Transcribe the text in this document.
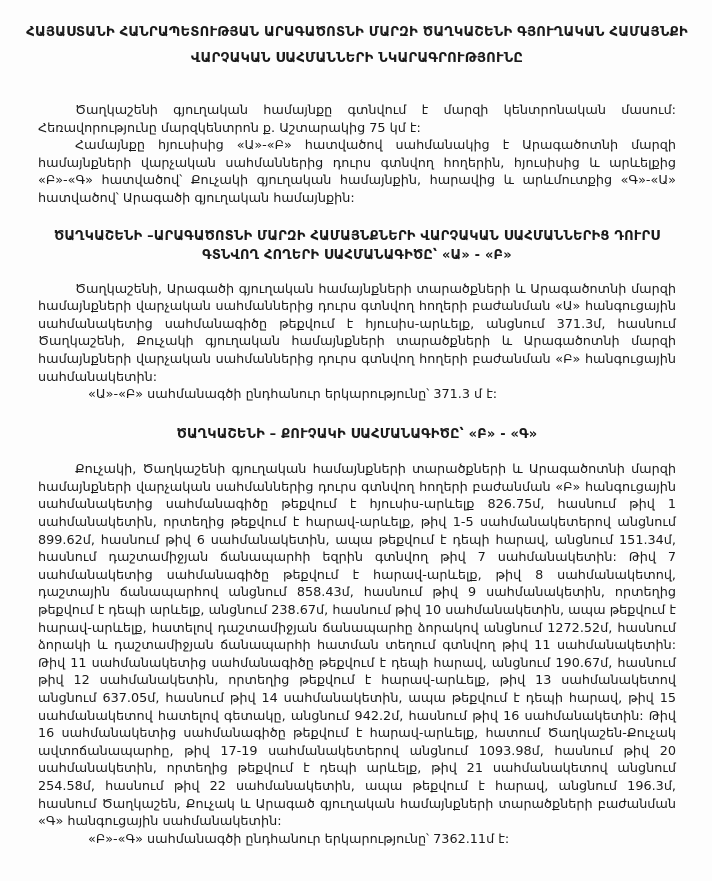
ՀԱՅԱՍՏԱՆԻ ՀԱՆՐԱՊԵՏՈՒԹՅԱՆ ԱՐԱԳԱԾՈՏՆԻ ՄԱՐԶԻ ԾԱՂԿԱՇԵՆԻ ԳՅՈՒՂԱԿԱՆ ՀԱՄԱՅՆՔԻ
ՎԱՐՉԱԿԱՆ ՍԱՀՄԱՆՆԵՐԻ ՆԿԱՐԱԳՐՈՒԹՅՈՒՆԸ

Ծաղկաշենի գյուղական համայնքը գտնվում է մարզի կենտրոնական մասում: Հեռավորությունը մարզկենտրոն ք. Աշտարակից 75 կմ է:

Համայնքը հյուսիսից «Ա»-«Բ» հատվածով սահմանակից է Արագածոտնի մարզի համայնքների վարչական սահմաններից դուրս գտնվող հողերին, հյուսիսից և արևելքից «Բ»-«Գ» հատվածով՝ Քուչակի գյուղական համայնքին, հարավից և արևմուտքից «Գ»-«Ա» հատվածով՝ Արագածի գյուղական համայնքին:

ԾԱՂԿԱՇԵՆԻ –ԱՐԱԳԱԾՈՏՆԻ ՄԱՐԶԻ ՀԱՄԱՅՆՔՆԵՐԻ ՎԱՐՉԱԿԱՆ ՍԱՀՄԱՆՆԵՐԻՑ ԴՈՒՐՍ ԳՏՆՎՈՂ ՀՈՂԵՐԻ ՍԱՀՄԱՆԱԳԻԾԸ՝ «Ա» - «Բ»

Ծաղկաշենի, Արագածի գյուղական համայնքների տարածքների և Արագածոտնի մարզի համայնքների վարչական սահմաններից դուրս գտնվող հողերի բաժանման «Ա» հանգուցային սահմանակետից սահմանագիծը թեքվում է հյուսիս-արևելք, անցնում 371.3մ, հասնում Ծաղկաշենի, Քուչակի գյուղական համայնքների տարածքների և Արագածոտնի մարզի համայնքների վարչական սահմաններից դուրս գտնվող հողերի բաժանման «Բ» հանգուցային սահմանակետին:

«Ա»-«Բ» սահմանագծի ընդհանուր երկարությունը՝ 371.3 մ է:

ԾԱՂԿԱՇԵՆԻ – ՔՈՒՉԱԿԻ ՍԱՀՄԱՆԱԳԻԾԸ՝ «Բ» - «Գ»

Քուչակի, Ծաղկաշենի գյուղական համայնքների տարածքների և Արագածոտնի մարզի համայնքների վարչական սահմաններից դուրս գտնվող հողերի բաժանման «Բ» հանգուցային սահմանակետից սահմանագիծը թեքվում է հյուսիս-արևելք 826.75մ, հասնում թիվ 1 սահմանակետին, որտեղից թեքվում է հարավ-արևելք, թիվ 1-5 սահմանակետերով անցնում 899.62մ, հասնում թիվ 6 սահմանակետին, ապա թեքվում է դեպի հարավ, անցնում 151.34մ, հասնում դաշտամիջյան ճանապարհի եզրին գտնվող թիվ 7 սահմանակետին: Թիվ 7 սահմանակետից սահմանագիծը թեքվում է հարավ-արևելք, թիվ 8 սահմանակետով, դաշտային ճանապարհով անցնում 858.43մ, հասնում թիվ 9 սահմանակետին, որտեղից թեքվում է դեպի արևելք, անցնում 238.67մ, հասնում թիվ 10 սահմանակետին, ապա թեքվում է հարավ-արևելք, հատելով դաշտամիջյան ճանապարհը ձորակով անցնում 1272.52մ, հասնում ձորակի և դաշտամիջյան ճանապարհի հատման տեղում գտնվող թիվ 11 սահմանակետին: Թիվ 11 սահմանակետից սահմանագիծը թեքվում է դեպի հարավ, անցնում 190.67մ, հասնում թիվ 12 սահմանակետին, որտեղից թեքվում է հարավ-արևելք, թիվ 13 սահմանակետով անցնում 637.05մ, հասնում թիվ 14 սահմանակետին, ապա թեքվում է դեպի հարավ, թիվ 15 սահմանակետով հատելով գետակը, անցնում 942.2մ, հասնում թիվ 16 սահմանակետին: Թիվ 16 սահմանակետից սահմանագիծը թեքվում է հարավ-արևելք, հատում Ծաղկաշեն-Քուչակ ավտոճանապարհը, թիվ 17-19 սահմանակետերով անցնում 1093.98մ, հասնում թիվ 20 սահմանակետին, որտեղից թեքվում է դեպի արևելք, թիվ 21 սահմանակետով անցնում 254.58մ, հասնում թիվ 22 սահմանակետին, ապա թեքվում է հարավ, անցնում 196.3մ, հասնում Ծաղկաշեն, Քուչակ և Արագած գյուղական համայնքների տարածքների բաժանման «Գ» հանգուցային սահմանակետին:

«Բ»-«Գ» սահմանագծի ընդհանուր երկարությունը՝ 7362.11մ է:
